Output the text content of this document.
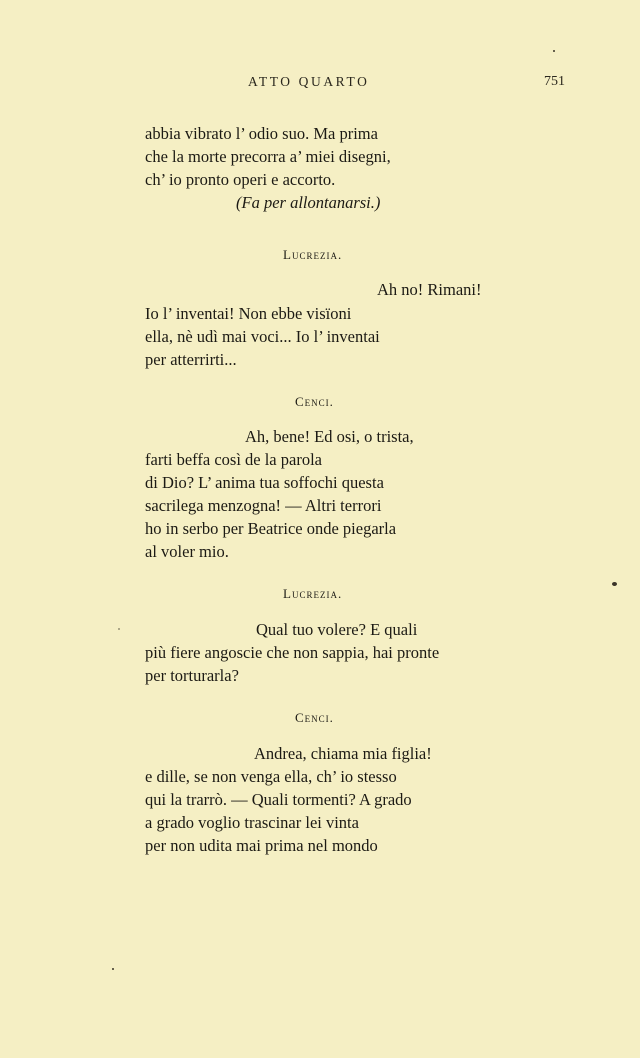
ATTO QUARTO	751
abbia vibrato l’ odio suo. Ma prima
che la morte precorra a’ miei disegni,
ch’ io pronto operi e accorto.
(Fa per allontanarsi.)
Lucrezia.
Ah no! Rimani!
Io l’ inventai! Non ebbe visïoni
ella, nè udì mai voci... Io l’ inventai
per atterrirti...
Cenci.
Ah, bene! Ed osi, o trista,
farti beffa così de la parola
di Dio? L’ anima tua soffochi questa
sacrilega menzogna! — Altri terrori
ho in serbo per Beatrice onde piegarla
al voler mio.
Lucrezia.
Qual tuo volere? E quali
più fiere angoscie che non sappia, hai pronte
per torturarla?
Cenci.
Andrea, chiama mia figlia!
e dille, se non venga ella, ch’ io stesso
qui la trarrò. — Quali tormenti? A grado
a grado voglio trascinar lei vinta
per non udita mai prima nel mondo
